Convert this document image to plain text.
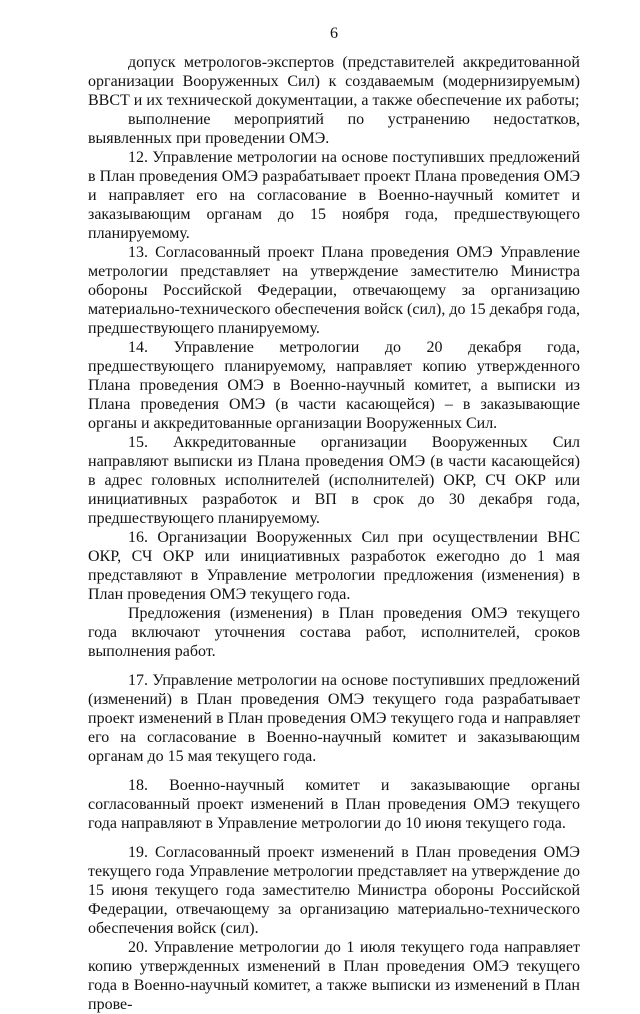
6

допуск метрологов-экспертов (представителей аккредитованной организации Вооруженных Сил) к создаваемым (модернизируемым) ВВСТ и их технической документации, а также обеспечение их работы;

выполнение мероприятий по устранению недостатков, выявленных при проведении ОМЭ.

12. Управление метрологии на основе поступивших предложений в План проведения ОМЭ разрабатывает проект Плана проведения ОМЭ и направляет его на согласование в Военно-научный комитет и заказывающим органам до 15 ноября года, предшествующего планируемому.

13. Согласованный проект Плана проведения ОМЭ Управление метрологии представляет на утверждение заместителю Министра обороны Российской Федерации, отвечающему за организацию материально-технического обеспечения войск (сил), до 15 декабря года, предшествующего планируемому.

14. Управление метрологии до 20 декабря года, предшествующего планируемому, направляет копию утвержденного Плана проведения ОМЭ в Военно-научный комитет, а выписки из Плана проведения ОМЭ (в части касающейся) – в заказывающие органы и аккредитованные организации Вооруженных Сил.

15. Аккредитованные организации Вооруженных Сил направляют выписки из Плана проведения ОМЭ (в части касающейся) в адрес головных исполнителей (исполнителей) ОКР, СЧ ОКР или инициативных разработок и ВП в срок до 30 декабря года, предшествующего планируемому.

16. Организации Вооруженных Сил при осуществлении ВНС ОКР, СЧ ОКР или инициативных разработок ежегодно до 1 мая представляют в Управление метрологии предложения (изменения) в План проведения ОМЭ текущего года.

Предложения (изменения) в План проведения ОМЭ текущего года включают уточнения состава работ, исполнителей, сроков выполнения работ.

17. Управление метрологии на основе поступивших предложений (изменений) в План проведения ОМЭ текущего года разрабатывает проект изменений в План проведения ОМЭ текущего года и направляет его на согласование в Военно-научный комитет и заказывающим органам до 15 мая текущего года.

18. Военно-научный комитет и заказывающие органы согласованный проект изменений в План проведения ОМЭ текущего года направляют в Управление метрологии до 10 июня текущего года.

19. Согласованный проект изменений в План проведения ОМЭ текущего года Управление метрологии представляет на утверждение до 15 июня текущего года заместителю Министра обороны Российской Федерации, отвечающему за организацию материально-технического обеспечения войск (сил).

20. Управление метрологии до 1 июля текущего года направляет копию утвержденных изменений в План проведения ОМЭ текущего года в Военно-научный комитет, а также выписки из изменений в План прове-
